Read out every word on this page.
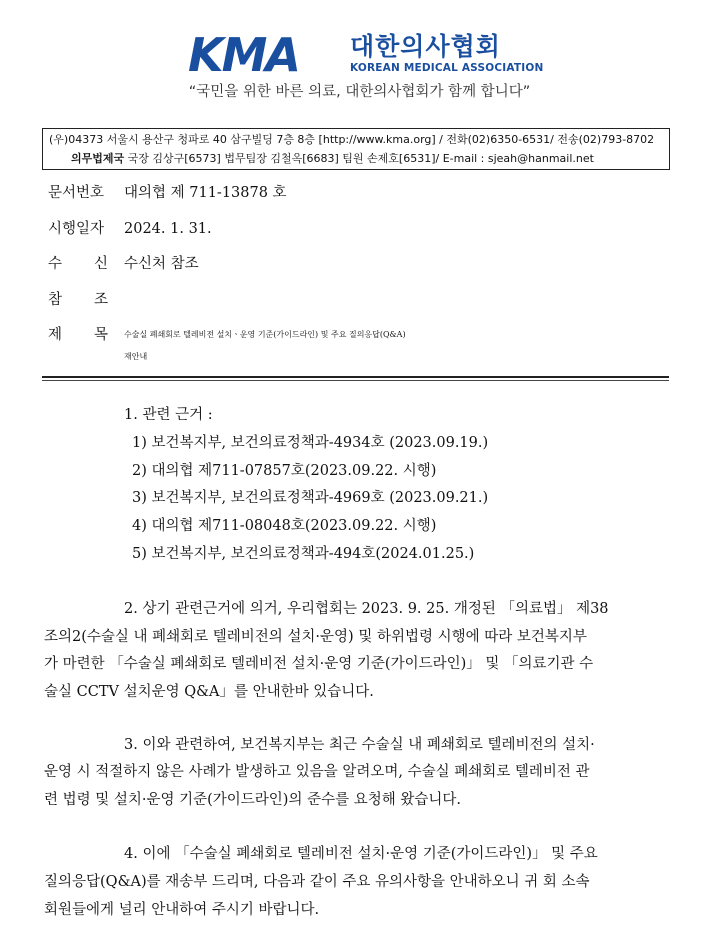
KMA 대한의사협회
KOREAN MEDICAL ASSOCIATION
“국민을 위한 바른 의료, 대한의사협회가 함께 합니다”
(우)04373 서울시 용산구 청파로 40 삼구빌딩 7층 8층 [http://www.kma.org] / 전화(02)6350-6531/ 전송(02)793-8702
의무법제국 국장 김상구[6573] 법무팀장 김철옥[6683] 팀원 손제호[6531]/ E-mail : sjeah@hanmail.net
문서번호 대의협 제 711-13878 호
시행일자 2024. 1. 31.
수 신 수신처 참조
참 조
제 목	수술실 폐쇄회로 텔레비전 설치ㆍ운영 기준(가이드라인) 및 주요 질의응답(Q&A)
재안내
1. 관련 근거 :
1) 보건복지부, 보건의료정책과-4934호 (2023.09.19.)
2) 대의협 제711-07857호(2023.09.22. 시행)
3) 보건복지부, 보건의료정책과-4969호 (2023.09.21.)
4) 대의협 제711-08048호(2023.09.22. 시행)
5) 보건복지부, 보건의료정책과-494호(2024.01.25.)
2. 상기 관련근거에 의거, 우리협회는 2023. 9. 25. 개정된 「의료법」 제38
조의2(수술실 내 폐쇄회로 텔레비전의 설치·운영) 및 하위법령 시행에 따라 보건복지부
가 마련한 「수술실 폐쇄회로 텔레비전 설치·운영 기준(가이드라인)」 및 「의료기관 수
술실 CCTV 설치운영 Q&A」를 안내한바 있습니다.
3. 이와 관련하여, 보건복지부는 최근 수술실 내 폐쇄회로 텔레비전의 설치·
운영 시 적절하지 않은 사례가 발생하고 있음을 알려오며, 수술실 폐쇄회로 텔레비전 관
련 법령 및 설치·운영 기준(가이드라인)의 준수를 요청해 왔습니다.
4. 이에 「수술실 폐쇄회로 텔레비전 설치·운영 기준(가이드라인)」 및 주요
질의응답(Q&A)를 재송부 드리며, 다음과 같이 주요 유의사항을 안내하오니 귀 회 소속
회원들에게 널리 안내하여 주시기 바랍니다.
